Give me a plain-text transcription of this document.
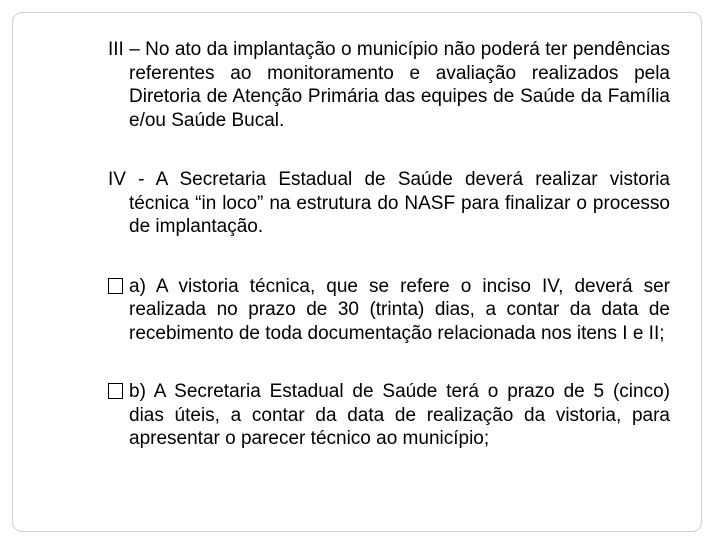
III – No ato da implantação o município não poderá ter pendências referentes ao monitoramento e avaliação realizados pela Diretoria de Atenção Primária das equipes de Saúde da Família e/ou Saúde Bucal.

IV - A Secretaria Estadual de Saúde deverá realizar vistoria técnica “in loco” na estrutura do NASF para finalizar o processo de implantação.

a) A vistoria técnica, que se refere o inciso IV, deverá ser realizada no prazo de 30 (trinta) dias, a contar da data de recebimento de toda documentação relacionada nos itens I e II;

b) A Secretaria Estadual de Saúde terá o prazo de 5 (cinco) dias úteis, a contar da data de realização da vistoria, para apresentar o parecer técnico ao município;
